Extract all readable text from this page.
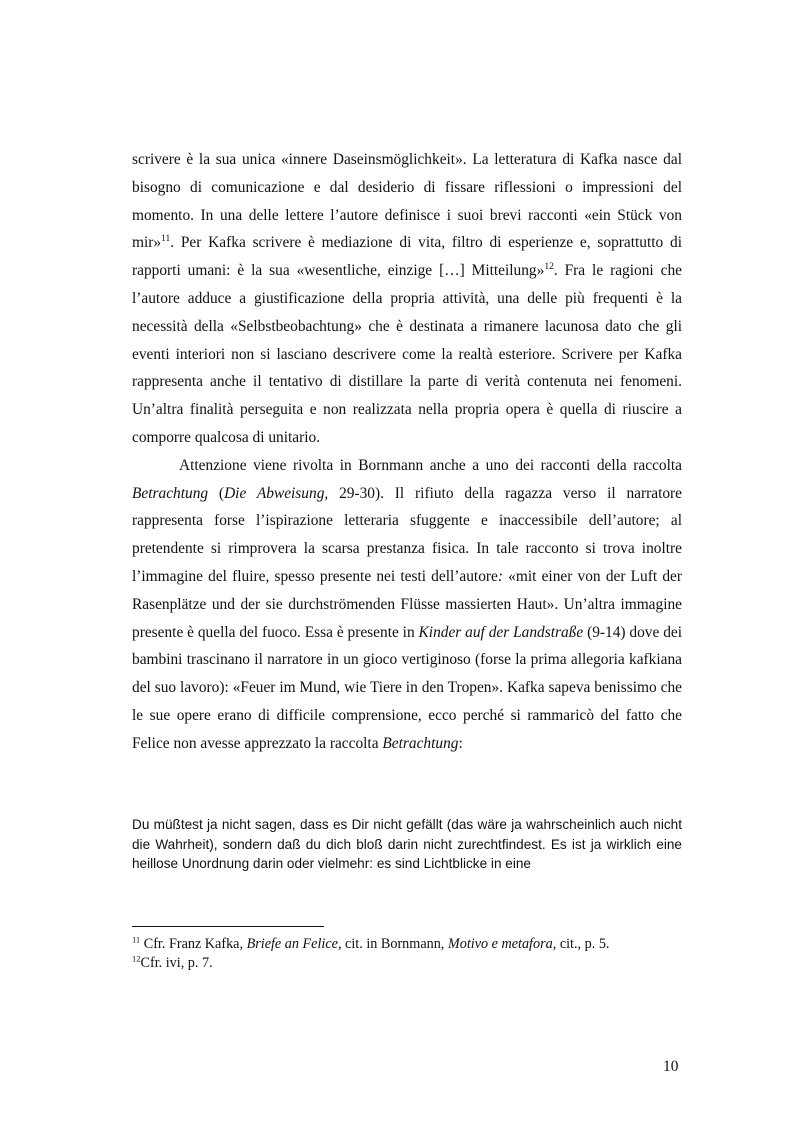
scrivere è la sua unica «innere Daseinsmöglichkeit». La letteratura di Kafka nasce dal bisogno di comunicazione e dal desiderio di fissare riflessioni o impressioni del momento. In una delle lettere l’autore definisce i suoi brevi racconti «ein Stück von mir»$^{11}$. Per Kafka scrivere è mediazione di vita, filtro di esperienze e, soprattutto di rapporti umani: è la sua «wesentliche, einzige […] Mitteilung»$^{12}$. Fra le ragioni che l’autore adduce a giustificazione della propria attività, una delle più frequenti è la necessità della «Selbstbeobachtung» che è destinata a rimanere lacunosa dato che gli eventi interiori non si lasciano descrivere come la realtà esteriore. Scrivere per Kafka rappresenta anche il tentativo di distillare la parte di verità contenuta nei fenomeni. Un’altra finalità perseguita e non realizzata nella propria opera è quella di riuscire a comporre qualcosa di unitario.

Attenzione viene rivolta in Bornmann anche a uno dei racconti della raccolta Betrachtung (Die Abweisung, 29-30). Il rifiuto della ragazza verso il narratore rappresenta forse l’ispirazione letteraria sfuggente e inaccessibile dell’autore; al pretendente si rimprovera la scarsa prestanza fisica. In tale racconto si trova inoltre l’immagine del fluire, spesso presente nei testi dell’autore: «mit einer von der Luft der Rasenplätze und der sie durchströmenden Flüsse massierten Haut». Un’altra immagine presente è quella del fuoco. Essa è presente in Kinder auf der Landstraße (9-14) dove dei bambini trascinano il narratore in un gioco vertiginoso (forse la prima allegoria kafkiana del suo lavoro): «Feuer im Mund, wie Tiere in den Tropen». Kafka sapeva benissimo che le sue opere erano di difficile comprensione, ecco perché si rammaricò del fatto che Felice non avesse apprezzato la raccolta Betrachtung:

Du müßtest ja nicht sagen, dass es Dir nicht gefällt (das wäre ja wahrscheinlich auch nicht die Wahrheit), sondern daß du dich bloß darin nicht zurechtfindest. Es ist ja wirklich eine heillose Unordnung darin oder vielmehr: es sind Lichtblicke in eine

$^{11}$ Cfr. Franz Kafka, Briefe an Felice, cit. in Bornmann, Motivo e metafora, cit., p. 5.
$^{12}$Cfr. ivi, p. 7.
10
